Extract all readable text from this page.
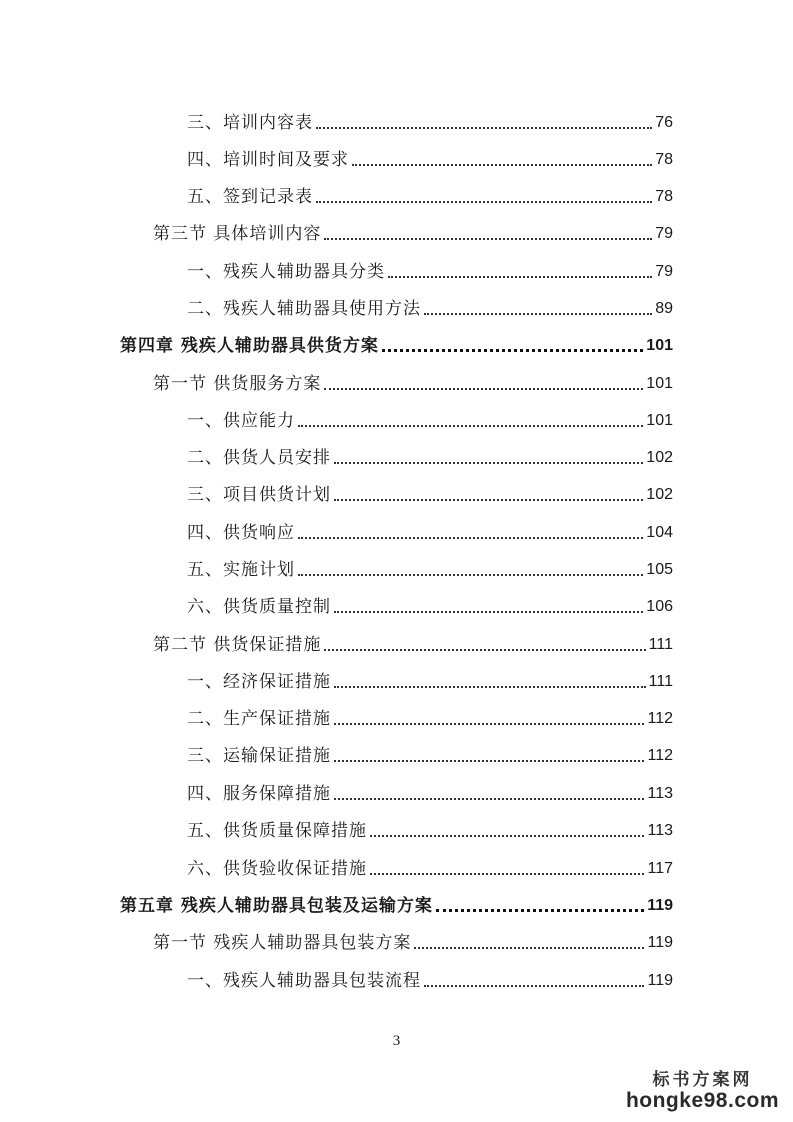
三、培训内容表	76
四、培训时间及要求	78
五、签到记录表	78
第三节 具体培训内容	79
一、残疾人辅助器具分类	79
二、残疾人辅助器具使用方法	89
第四章 残疾人辅助器具供货方案	101
第一节 供货服务方案	101
一、供应能力	101
二、供货人员安排	102
三、项目供货计划	102
四、供货响应	104
五、实施计划	105
六、供货质量控制	106
第二节 供货保证措施	111
一、经济保证措施	111
二、生产保证措施	112
三、运输保证措施	112
四、服务保障措施	113
五、供货质量保障措施	113
六、供货验收保证措施	117
第五章 残疾人辅助器具包装及运输方案	119
第一节 残疾人辅助器具包装方案	119
一、残疾人辅助器具包装流程	119
3
标书方案网
hongke98.com
